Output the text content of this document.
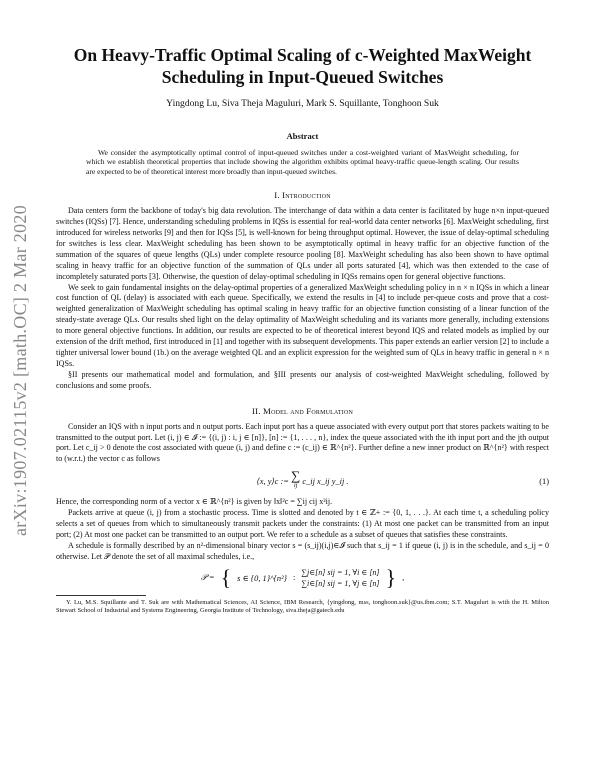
arXiv:1907.02115v2 [math.OC] 2 Mar 2020
On Heavy-Traffic Optimal Scaling of c-Weighted MaxWeight Scheduling in Input-Queued Switches
Yingdong Lu, Siva Theja Maguluri, Mark S. Squillante, Tonghoon Suk
Abstract
We consider the asymptotically optimal control of input-queued switches under a cost-weighted variant of MaxWeight scheduling, for which we establish theoretical properties that include showing the algorithm exhibits optimal heavy-traffic queue-length scaling. Our results are expected to be of theoretical interest more broadly than input-queued switches.
I. Introduction

Data centers form the backbone of today's big data revolution. The interchange of data within a data center is facilitated by huge n×n input-queued switches (IQSs) [7]. Hence, understanding scheduling problems in IQSs is essential for real-world data center networks [6]. MaxWeight scheduling, first introduced for wireless networks [9] and then for IQSs [5], is well-known for being throughput optimal. However, the issue of delay-optimal scheduling for switches is less clear. MaxWeight scheduling has been shown to be asymptotically optimal in heavy traffic for an objective function of the summation of the squares of queue lengths (QLs) under complete resource pooling [8]. MaxWeight scheduling has also been shown to have optimal scaling in heavy traffic for an objective function of the summation of QLs under all ports saturated [4], which was then extended to the case of incompletely saturated ports [3]. Otherwise, the question of delay-optimal scheduling in IQSs remains open for general objective functions.

We seek to gain fundamental insights on the delay-optimal properties of a generalized MaxWeight scheduling policy in n × n IQSs in which a linear cost function of QL (delay) is associated with each queue. Specifically, we extend the results in [4] to include per-queue costs and prove that a cost-weighted generalization of MaxWeight scheduling has optimal scaling in heavy traffic for an objective function consisting of a linear function of the steady-state average QLs. Our results shed light on the delay optimality of MaxWeight scheduling and its variants more generally, including extensions to more general objective functions. In addition, our results are expected to be of theoretical interest beyond IQS and related models as implied by our extension of the drift method, first introduced in [1] and together with its subsequent developments. This paper extends an earlier version [2] to include a tighter universal lower bound (1b.) on the average weighted QL and an explicit expression for the weighted sum of QLs in heavy traffic in general n × n IQSs.

§II presents our mathematical model and formulation, and §III presents our analysis of cost-weighted MaxWeight scheduling, followed by conclusions and some proofs.

II. Model and Formulation

Consider an IQS with n input ports and n output ports. Each input port has a queue associated with every output port that stores packets waiting to be transmitted to the output port. Let (i, j) ∈ 𝓘 := {(i, j) : i, j ∈ [n]}, [n] := {1, . . . , n}, index the queue associated with the ith input port and the jth output port. Let c_ij > 0 denote the cost associated with queue (i, j) and define c := (c_ij) ∈ ℝ^{n²}. Further define a new inner product on ℝ^{n²} with respect to (w.r.t.) the vector c as follows

⟨x, y⟩c :=
∑
ij
c_ij x_ij y_ij .	(1)

Hence, the corresponding norm of a vector x ∈ ℝ^{n²} is given by ‖x‖²c = ∑ij cij x²ij.

Packets arrive at queue (i, j) from a stochastic process. Time is slotted and denoted by t ∈ ℤ+ := {0, 1, . . .}. At each time t, a scheduling policy selects a set of queues from which to simultaneously transmit packets under the constraints: (1) At most one packet can be transmitted from an input port; (2) At most one packet can be transmitted to an output port. We refer to a schedule as a subset of queues that satisfies these constraints.

A schedule is formally described by an n²-dimensional binary vector s = (s_ij)(i,j)∈𝓘 such that s_ij = 1 if queue (i, j) is in the schedule, and s_ij = 0 otherwise. Let 𝒫 denote the set of all maximal schedules, i.e.,

𝒫 = { s ∈ {0, 1}^{n²} :
∑j∈[n] sij = 1, ∀i ∈ [n]
∑i∈[n] sij = 1, ∀j ∈ [n] } ,
Y. Lu, M.S. Squillante and T. Suk are with Mathematical Sciences, AI Science, IBM Research, {yingdong, mss, tonghoon.suk}@us.ibm.com; S.T. Maguluri is with the H. Milton Stewart School of Industrial and Systems Engineering, Georgia Institute of Technology, siva.theja@gatech.edu
